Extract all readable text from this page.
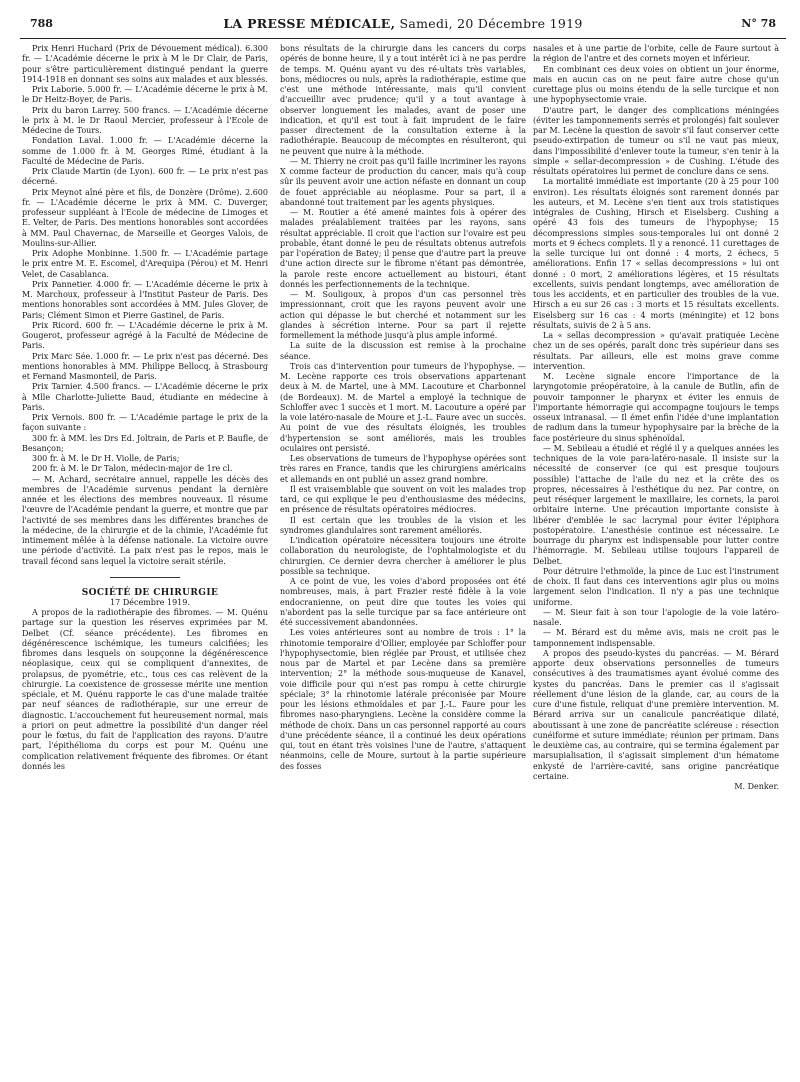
788	LA PRESSE MÉDICALE, Samedi, 20 Décembre 1919	N° 78

Prix Henri Huchard (Prix de Dévouement médical). 6.300 fr. — L'Académie décerne le prix à M le Dr Clair, de Paris, pour s'être particulièrement distingué pendant la guerre 1914-1918 en donnant ses soins aux malades et aux blessés.

Prix Laborie. 5.000 fr. — L'Académie décerne le prix à M. le Dr Heitz-Boyer, de Paris.

Prix du baron Larrey. 500 francs. — L'Académie décerne le prix à M. le Dr Raoul Mercier, professeur à l'Ecole de Médecine de Tours.

Fondation Laval. 1.000 fr. — L'Académie décerne la somme de 1.000 fr. à M. Georges Rimé, étudiant à la Faculté de Médecine de Paris.

Prix Claude Martin (de Lyon). 600 fr. — Le prix n'est pas décerné.

Prix Meynot aîné père et fils, de Donzère (Drôme). 2.600 fr. — L'Académie décerne le prix à MM. C. Duverger, professeur suppléant à l'Ecole de médecine de Limoges et E. Velter, de Paris. Des mentions honorables sont accordées à MM. Paul Chavernac, de Marseille et Georges Valois, de Moulins-sur-Allier.

Prix Adophe Monbinne. 1.500 fr. — L'Académie partage le prix entre M. E. Escomel, d'Arequipa (Pérou) et M. Henri Velet, de Casablanca.

Prix Pannetier. 4.000 fr. — L'Académie décerne le prix à M. Marchoux, professeur à l'Institut Pasteur de Paris. Des mentions honorables sont accordées à MM. Jules Glover, de Paris; Clément Simon et Pierre Gastinel, de Paris.

Prix Ricord. 600 fr. — L'Académie décerne le prix à M. Gougerot, professeur agrégé à la Faculté de Médecine de Paris.

Prix Marc Sée. 1.000 fr. — Le prix n'est pas décerné. Des mentions honorables à MM. Philippe Bellocq, à Strasbourg et Fernand Masmonteil, de Paris.

Prix Tarnier. 4.500 francs. — L'Académie décerne le prix à Mlle Charlotte-Juliette Baud, étudiante en médecine à Paris.

Prix Vernois. 800 fr. — L'Académie partage le prix de la façon suivante :

300 fr. à MM. les Drs Ed. Joltrain, de Paris et P. Baufle, de Besançon;

300 fr. à M. le Dr H. Violle, de Paris;

200 fr. à M. le Dr Talon, médecin-major de 1re cl.

— M. Achard, secrétaire annuel, rappelle les décès des membres de l'Académie survenus pendant la dernière année et les élections des membres nouveaux. Il résume l'œuvre de l'Académie pendant la guerre, et montre que par l'activité de ses membres dans les différentes branches de la médecine, de la chirurgie et de la chimie, l'Académie fut intimement mêlée à la défense nationale. La victoire ouvre une période d'activité. La paix n'est pas le repos, mais le travail fécond sans lequel la victoire serait stérile.

SOCIÉTÉ DE CHIRURGIE

17 Décembre 1919.

A propos de la radiothérapie des fibromes. — M. Quénu partage sur la question les réserves exprimées par M. Delbet (Cf. séance précédente). Les fibromes en dégénérescence ischémique, les tumeurs calcifiées; les fibromes dans lesquels on soupçonne la dégénérescence néoplasique, ceux qui se compliquent d'annexites, de prolapsus, de pyométrie, etc., tous ces cas relèvent de la chirurgie. La coexistence de grossesse mérite une mention spéciale, et M. Quénu rapporte le cas d'une malade traitée par neuf séances de radiothérapie, sur une erreur de diagnostic. L'accouchement fut heureusement normal, mais a priori on peut admettre la possibilité d'un danger réel pour le fœtus, du fait de l'application des rayons. D'autre part, l'épithélioma du corps est pour M. Quénu une complication relativement fréquente des fibromes. Or étant donnés les

bons résultats de la chirurgie dans les cancers du corps opérés de bonne heure, il y a tout intérêt ici à ne pas perdre de temps. M. Quénu ayant vu des ré-ultats très variables, bons, médiocres ou nuls, après la radiothérapie, estime que c'est une méthode intéressante, mais qu'il convient d'accueillir avec prudence; qu'il y a tout avantage à observer longuement les malades, avant de poser une indication, et qu'il est tout à fait imprudent de le faire passer directement de la consultation externe à la radiothérapie. Beaucoup de mécomptes en résulteront, qui ne peuvent que nuire à la méthode.

— M. Thierry ne croit pas qu'il faille incriminer les rayons X comme facteur de production du cancer, mais qu'à coup sûr ils peuvent avoir une action néfaste en donnant un coup de fouet appréciable au néoplasme. Pour sa part, il a abandonné tout traitement par les agents physiques.

— M. Routier a été amené maintes fois à opérer des malades préalablement traitées par les rayons, sans résultat appréciable. Il croit que l'action sur l'ovaire est peu probable, étant donné le peu de résultats obtenus autrefois par l'opération de Batey; il pense que d'autre part la preuve d'une action directe sur le fibrome n'étant pas démontrée, la parole reste encore actuellement au bistouri, étant donnés les perfectionnements de la technique.

— M. Souligoux, à propos d'un cas personnel très impressionnant, croit que les rayons peuvent avoir une action qui dépasse le but cherché et notamment sur les glandes à sécrétion interne. Pour sa part il rejette formellement la méthode jusqu'à plus ample informé.

La suite de la discussion est remise à la prochaine séance.

Trois cas d'intervention pour tumeurs de l'hypophyse. — M. Lecène rapporte ces trois observations appartenant deux à M. de Martel, une à MM. Lacouture et Charbonnel (de Bordeaux). M. de Martel a employé la technique de Schloffer avec 1 succès et 1 mort. M. Lacouture a opéré par la voie latéro-nasale de Moure et J.-L. Faure avec un succès. Au point de vue des résultats éloignés, les troubles d'hypertension se sont améliorés, mais les troubles oculaires ont persisté.

Les observations de tumeurs de l'hypophyse opérées sont très rares en France, tandis que les chirurgiens américains et allemands en ont publié un assez grand nombre.

Il est vraisemblable que souvent on voit les malades trop tard, ce qui explique le peu d'enthousiasme des médecins, en présence de résultats opératoires médiocres.

Il est certain que les troubles de la vision et les syndromes glandulaires sont rarement améliorés.

L'indication opératoire nécessitera toujours une étroite collaboration du neurologiste, de l'ophtalmologiste et du chirurgien. Ce dernier devra chercher à améliorer le plus possible sa technique.

A ce point de vue, les voies d'abord proposées ont été nombreuses, mais, à part Frazier resté fidèle à la voie endocranienne, on peut dire que toutes les voies qui n'abordent pas la selle turcique par sa face antérieure ont été successivement abandonnées.

Les voies antérieures sont au nombre de trois : 1° la rhinotomie temporaire d'Ollier, employée par Schloffer pour l'hypophysectomie, bien réglée par Proust, et utilisée chez nous par de Martel et par Lecène dans sa première intervention; 2° la méthode sous-muqueuse de Kanavel, voie difficile pour qui n'est pas rompu à cette chirurgie spéciale; 3° la rhinotomie latérale préconisée par Moure pour les lésions ethmoïdales et par J.-L. Faure pour les fibromes naso-pharyngiens. Lecène la considère comme la méthode de choix. Dans un cas personnel rapporté au cours d'une précédente séance, il a continué les deux opérations qui, tout en étant très voisines l'une de l'autre, s'attaquent néanmoins, celle de Moure, surtout à la partie supérieure des fosses

nasales et à une partie de l'orbite, celle de Faure surtout à la région de l'antre et des cornets moyen et inférieur.

En combinant ces deux voies on obtient un jour énorme, mais en aucun cas on ne peut faire autre chose qu'un curettage plus ou moins étendu de la selle turcique et non une hypophysectomie vraie.

D'autre part, le danger des complications méningées (éviter les tamponnements serrés et prolongés) fait soulever par M. Lecène la question de savoir s'il faut conserver cette pseudo-extirpation de tumeur ou s'il ne vaut pas mieux, dans l'impossibilité d'enlever toute la tumeur, s'en tenir à la simple « sellar-decompression » de Cushing. L'étude des résultats opératoires lui permet de conclure dans ce sens.

La mortalité immédiate est importante (20 à 25 pour 100 environ). Les résultats éloignés sont rarement donnés par les auteurs, et M. Lecène s'en tient aux trois statistiques intégrales de Cushing, Hirsch et Eiselsberg. Cushing a opéré 43 fois des tumeurs de l'hypophyse; 15 décompressions simples sous-temporales lui ont donné 2 morts et 9 échecs complets. Il y a renoncé. 11 curettages de la selle turcique lui ont donné : 4 morts, 2 échecs, 5 améliorations. Enfin 17 « sellas decompressions » lui ont donné : 0 mort, 2 améliorations légères, et 15 résultats excellents, suivis pendant longtemps, avec amélioration de tous les accidents, et en particulier des troubles de la vue. Hirsch a eu sur 26 cas : 3 morts et 15 résultats excellents. Eiselsberg sur 16 cas : 4 morts (méningite) et 12 bons résultats, suivis de 2 à 5 ans.

La « sellas decompression » qu'avait pratiquée Lecène chez un de ses opérés, paraît donc très supérieur dans ses résultats. Par ailleurs, elle est moins grave comme intervention.

M. Lecène signale encore l'importance de la laryngotomie préopératoire, à la canule de Butlin, afin de pouvoir tamponner le pharynx et éviter les ennuis de l'importante hémorragie qui accompagne toujours le temps osseux intranasal. — Il émet enfin l'idée d'une implantation de radium dans la tumeur hypophysaire par la brèche de la face postérieure du sinus sphénoïdal.

— M. Sebileau a étudié et réglé il y a quelques années les techniques de la voie para-latéro-nasale. Il insiste sur la nécessité de conserver (ce qui est presque toujours possible) l'attache de l'aile du nez et la crête des os propres, nécessaires à l'esthétique du nez. Par contre, on peut réséquer largement le maxillaire, les cornets, la paroi orbitaire interne. Une précaution importante consiste à libérer d'emblée le sac lacrymal pour éviter l'épiphora postopératoire. L'anesthésie continue est nécessaire. Le bourrage du pharynx est indispensable pour lutter contre l'hémorragie. M. Sebileau utilise toujours l'appareil de Delbet.

Pour détruire l'ethmoïde, la pince de Luc est l'instrument de choix. Il faut dans ces interventions agir plus ou moins largement selon l'indication. Il n'y a pas une technique uniforme.

— M. Sieur fait à son tour l'apologie de la voie latéro-nasale.

— M. Bérard est du même avis, mais ne croit pas le tamponnement indispensable.

A propos des pseudo-kystes du pancréas. — M. Bérard apporte deux observations personnelles de tumeurs consécutives à des traumatismes ayant évolué comme des kystes du pancréas. Dans le premier cas il s'agissait réellement d'une lésion de la glande, car, au cours de la cure d'une fistule, reliquat d'une première intervention. M. Bérard arriva sur un canalicule pancréatique dilaté, aboutissant à une zone de pancréatite scléreuse : résection cunéiforme et suture immédiate; réunion per primam. Dans le deuxième cas, au contraire, qui se termina également par marsupialisation, il s'agissait simplement d'un hématome enkysté de l'arrière-cavité, sans origine pancréatique certaine.

M. Denker.
